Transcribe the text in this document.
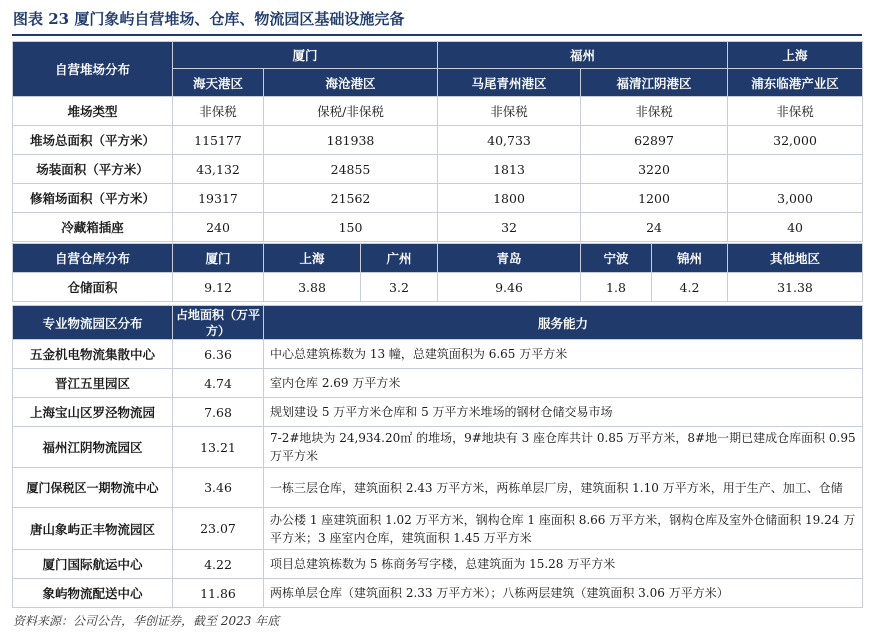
图表 23 厦门象屿自营堆场、仓库、物流园区基础设施完备
自营堆场分布	厦门		福州		上海
	海天港区	海沧港区	马尾青州港区	福清江阴港区	浦东临港产业区
堆场类型	非保税	保税/非保税	非保税	非保税	非保税
堆场总面积（平方米）	115177	181938	40,733	62897	32,000
场装面积（平方米）	43,132	24855	1813	3220	
修箱场面积（平方米）	19317	21562	1800	1200	3,000
冷藏箱插座	240	150	32	24	40
自营仓库分布	厦门	上海	广州	青岛	宁波	锦州	其他地区
仓储面积	9.12	3.88	3.2	9.46	1.8	4.2	31.38
专业物流园区分布	占地面积（万平方）	服务能力
五金机电物流集散中心	6.36	中心总建筑栋数为 13 幢，总建筑面积为 6.65 万平方米
晋江五里园区	4.74	室内仓库 2.69 万平方米
上海宝山区罗泾物流园	7.68	规划建设 5 万平方米仓库和 5 万平方米堆场的钢材仓储交易市场
福州江阴物流园区	13.21	7-2#地块为 24,934.20㎡ 的堆场，9#地块有 3 座仓库共计 0.85 万平方米，8#地一期已建成仓库面积 0.95 万平方米
厦门保税区一期物流中心	3.46	一栋三层仓库，建筑面积 2.43 万平方米，两栋单层厂房，建筑面积 1.10 万平方米，用于生产、加工、仓储
唐山象屿正丰物流园区	23.07	办公楼 1 座建筑面积 1.02 万平方米，钢构仓库 1 座面积 8.66 万平方米，钢构仓库及室外仓储面积 19.24 万平方米；3 座室内仓库，建筑面积 1.45 万平方米
厦门国际航运中心	4.22	项目总建筑栋数为 5 栋商务写字楼，总建筑面为 15.28 万平方米
象屿物流配送中心	11.86	两栋单层仓库（建筑面积 2.33 万平方米）；八栋两层建筑（建筑面积 3.06 万平方米）
资料来源：公司公告，华创证券，截至 2023 年底
